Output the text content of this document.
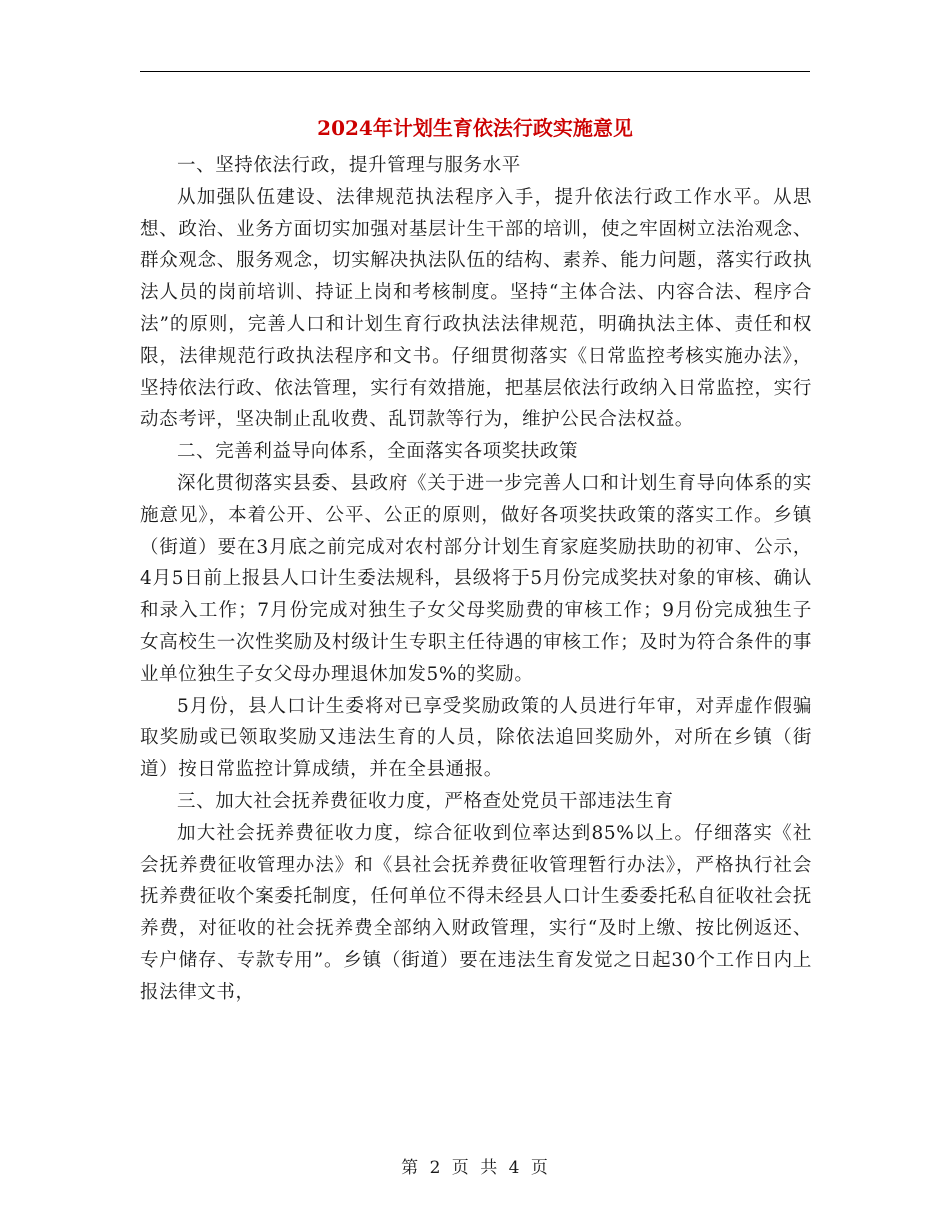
2024年计划生育依法行政实施意见

一、坚持依法行政，提升管理与服务水平

从加强队伍建设、法律规范执法程序入手，提升依法行政工作水平。从思想、政治、业务方面切实加强对基层计生干部的培训，使之牢固树立法治观念、群众观念、服务观念，切实解决执法队伍的结构、素养、能力问题，落实行政执法人员的岗前培训、持证上岗和考核制度。坚持“主体合法、内容合法、程序合法”的原则，完善人口和计划生育行政执法法律规范，明确执法主体、责任和权限，法律规范行政执法程序和文书。仔细贯彻落实《日常监控考核实施办法》，坚持依法行政、依法管理，实行有效措施，把基层依法行政纳入日常监控，实行动态考评，坚决制止乱收费、乱罚款等行为，维护公民合法权益。

二、完善利益导向体系，全面落实各项奖扶政策

深化贯彻落实县委、县政府《关于进一步完善人口和计划生育导向体系的实施意见》，本着公开、公平、公正的原则，做好各项奖扶政策的落实工作。乡镇（街道）要在3月底之前完成对农村部分计划生育家庭奖励扶助的初审、公示，4月5日前上报县人口计生委法规科，县级将于5月份完成奖扶对象的审核、确认和录入工作；7月份完成对独生子女父母奖励费的审核工作；9月份完成独生子女高校生一次性奖励及村级计生专职主任待遇的审核工作；及时为符合条件的事业单位独生子女父母办理退休加发5%的奖励。

5月份，县人口计生委将对已享受奖励政策的人员进行年审，对弄虚作假骗取奖励或已领取奖励又违法生育的人员，除依法追回奖励外，对所在乡镇（街道）按日常监控计算成绩，并在全县通报。

三、加大社会抚养费征收力度，严格查处党员干部违法生育

加大社会抚养费征收力度，综合征收到位率达到85%以上。仔细落实《社会抚养费征收管理办法》和《县社会抚养费征收管理暂行办法》，严格执行社会抚养费征收个案委托制度，任何单位不得未经县人口计生委委托私自征收社会抚养费，对征收的社会抚养费全部纳入财政管理，实行“及时上缴、按比例返还、专户储存、专款专用”。乡镇（街道）要在违法生育发觉之日起30个工作日内上报法律文书，

第 2 页 共 4 页
